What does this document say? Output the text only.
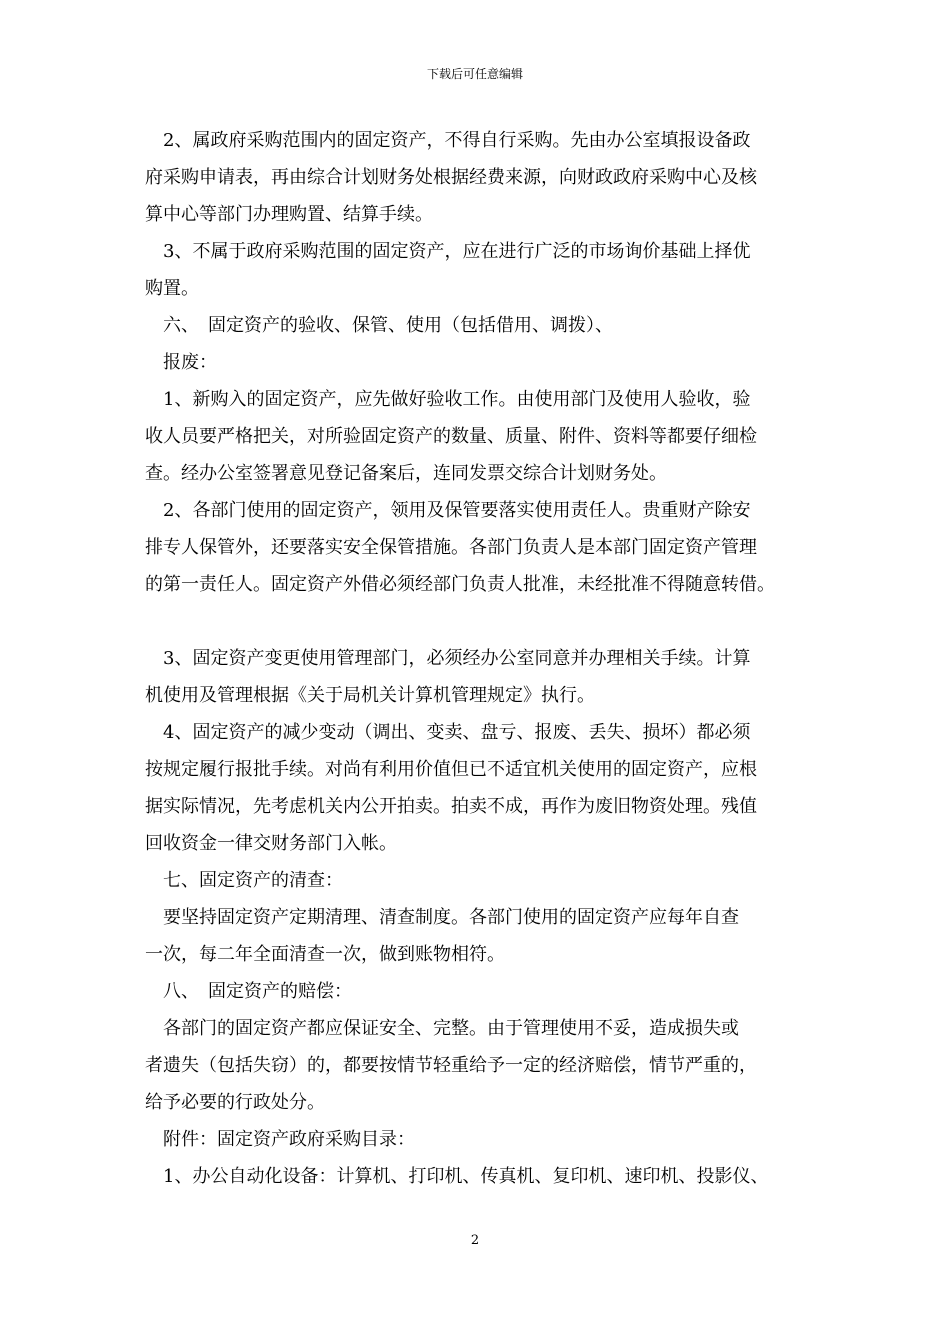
下载后可任意编辑
　2、属政府采购范围内的固定资产，不得自行采购。先由办公室填报设备政
府采购申请表，再由综合计划财务处根据经费来源，向财政政府采购中心及核
算中心等部门办理购置、结算手续。
　3、不属于政府采购范围的固定资产，应在进行广泛的市场询价基础上择优
购置。
　六、　固定资产的验收、保管、使用（包括借用、调拨）、
　报废：
　1、新购入的固定资产，应先做好验收工作。由使用部门及使用人验收，验
收人员要严格把关，对所验固定资产的数量、质量、附件、资料等都要仔细检
查。经办公室签署意见登记备案后，连同发票交综合计划财务处。
　2、各部门使用的固定资产，领用及保管要落实使用责任人。贵重财产除安
排专人保管外，还要落实安全保管措施。各部门负责人是本部门固定资产管理
的第一责任人。固定资产外借必须经部门负责人批准，未经批准不得随意转借。
　3、固定资产变更使用管理部门，必须经办公室同意并办理相关手续。计算
机使用及管理根据《关于局机关计算机管理规定》执行。
　4、固定资产的减少变动（调出、变卖、盘亏、报废、丢失、损坏）都必须
按规定履行报批手续。对尚有利用价值但已不适宜机关使用的固定资产，应根
据实际情况，先考虑机关内公开拍卖。拍卖不成，再作为废旧物资处理。残值
回收资金一律交财务部门入帐。
　七、固定资产的清查：
　要坚持固定资产定期清理、清查制度。各部门使用的固定资产应每年自查
一次，每二年全面清查一次，做到账物相符。
　八、　固定资产的赔偿：
　各部门的固定资产都应保证安全、完整。由于管理使用不妥，造成损失或
者遗失（包括失窃）的，都要按情节轻重给予一定的经济赔偿，情节严重的，
给予必要的行政处分。
　附件：固定资产政府采购目录：
　1、办公自动化设备：计算机、打印机、传真机、复印机、速印机、投影仪、
2
